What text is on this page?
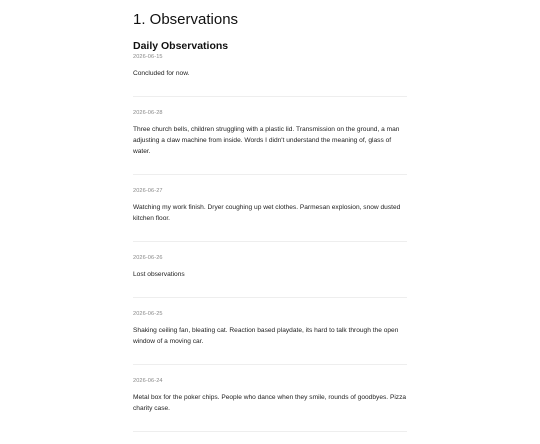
1. Observations
Daily Observations
2026-06-15

Concluded for now.

2026-06-28

Three church bells, children struggling with a plastic lid. Transmission on the ground, a man adjusting a claw machine from inside. Words I didn't understand the meaning of, glass of water.

2026-06-27

Watching my work finish. Dryer coughing up wet clothes. Parmesan explosion, snow dusted kitchen floor.

2026-06-26

Lost observations

2026-06-25

Shaking ceiling fan, bleating cat. Reaction based playdate, its hard to talk through the open window of a moving car.

2026-06-24

Metal box for the poker chips. People who dance when they smile, rounds of goodbyes. Pizza charity case.
